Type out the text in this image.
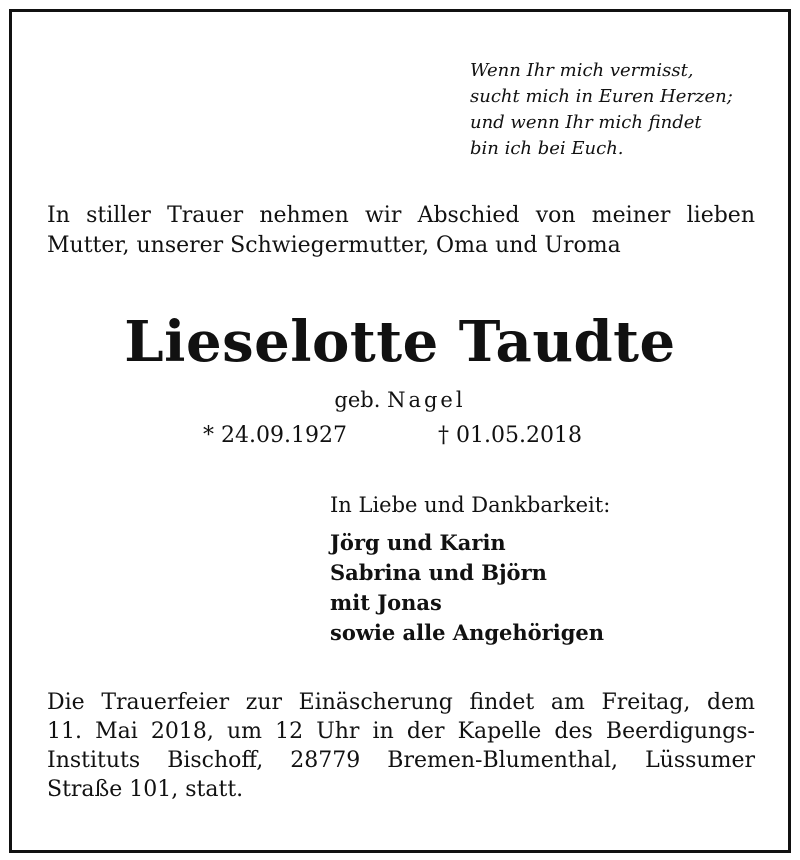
Wenn Ihr mich vermisst,
sucht mich in Euren Herzen;
und wenn Ihr mich findet
bin ich bei Euch.
In stiller Trauer nehmen wir Abschied von meiner lieben
Mutter, unserer Schwiegermutter, Oma und Uroma
Lieselotte Taudte
geb. Nagel
* 24.09.1927	† 01.05.2018
In Liebe und Dankbarkeit:
Jörg und Karin
Sabrina und Björn
mit Jonas
sowie alle Angehörigen
Die Trauerfeier zur Einäscherung findet am Freitag, dem
11. Mai 2018, um 12 Uhr in der Kapelle des Beerdigungs-
Instituts Bischoff, 28779 Bremen-Blumenthal, Lüssumer
Straße 101, statt.
